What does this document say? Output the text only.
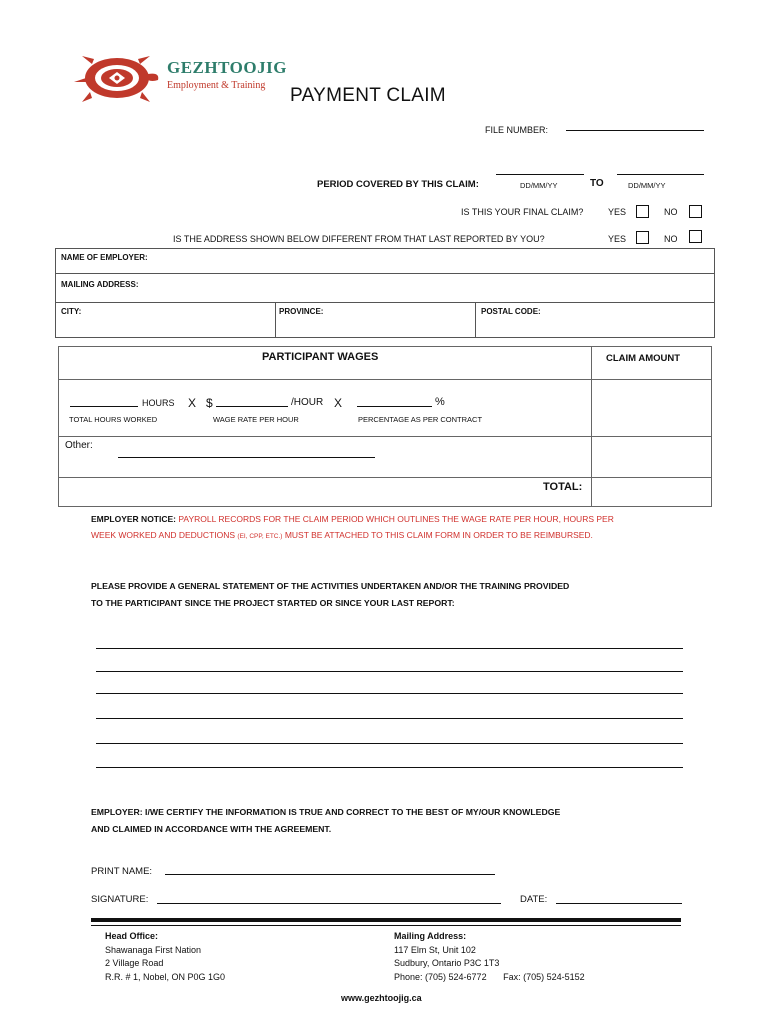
GEZHTOOJIG
Employment & Training PAYMENT CLAIM
FILE NUMBER:
PERIOD COVERED BY THIS CLAIM:	DD/MM/YY	TO	DD/MM/YY
IS THIS YOUR FINAL CLAIM?	YES	NO
IS THE ADDRESS SHOWN BELOW DIFFERENT FROM THAT LAST REPORTED BY YOU?	YES	NO
NAME OF EMPLOYER:
MAILING ADDRESS:
CITY:	PROVINCE:	POSTAL CODE:
PARTICIPANT WAGES	CLAIM AMOUNT
HOURS X $	/HOUR X	%
TOTAL HOURS WORKED	WAGE RATE PER HOUR	PERCENTAGE AS PER CONTRACT
Other:
TOTAL:
EMPLOYER NOTICE: PAYROLL RECORDS FOR THE CLAIM PERIOD WHICH OUTLINES THE WAGE RATE PER HOUR, HOURS PER
WEEK WORKED AND DEDUCTIONS (EI, CPP, ETC.) MUST BE ATTACHED TO THIS CLAIM FORM IN ORDER TO BE REIMBURSED.
PLEASE PROVIDE A GENERAL STATEMENT OF THE ACTIVITIES UNDERTAKEN AND/OR THE TRAINING PROVIDED
TO THE PARTICIPANT SINCE THE PROJECT STARTED OR SINCE YOUR LAST REPORT:
EMPLOYER: I/WE CERTIFY THE INFORMATION IS TRUE AND CORRECT TO THE BEST OF MY/OUR KNOWLEDGE
AND CLAIMED IN ACCORDANCE WITH THE AGREEMENT.
PRINT NAME:
SIGNATURE:	DATE:
Head Office:
Shawanaga First Nation
2 Village Road
R.R. # 1, Nobel, ON P0G 1G0
Mailing Address:
117 Elm St, Unit 102
Sudbury, Ontario P3C 1T3
Phone: (705) 524-6772 Fax: (705) 524-5152
www.gezhtoojig.ca
